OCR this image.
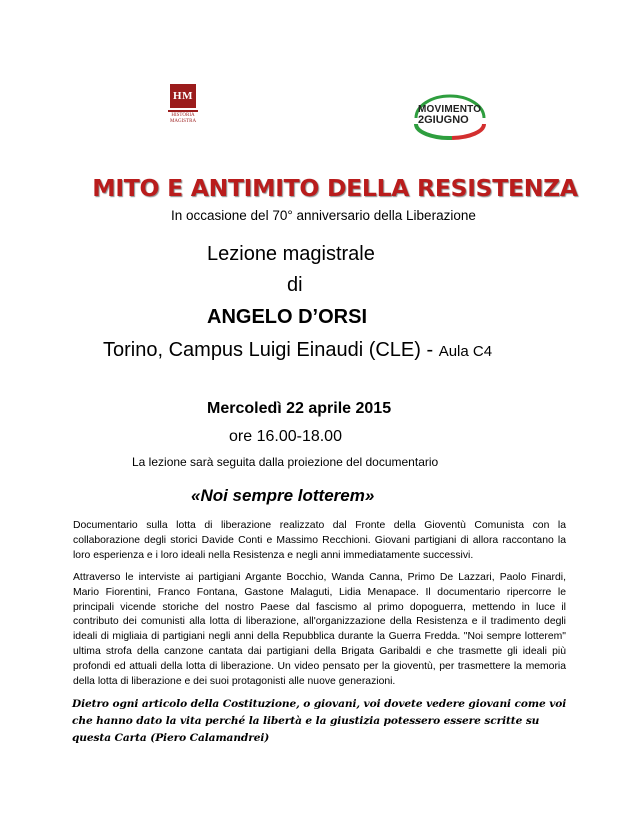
HM
HISTORIA MAGISTRA
MOVIMENTO
2GIUGNO
MITO E ANTIMITO DELLA RESISTENZA
In occasione del 70° anniversario della Liberazione
Lezione magistrale
di
ANGELO D’ORSI
Torino, Campus Luigi Einaudi (CLE) - Aula C4
Mercoledì 22 aprile 2015
ore 16.00-18.00
La lezione sarà seguita dalla proiezione del documentario
«Noi sempre lotterem»

Documentario sulla lotta di liberazione realizzato dal Fronte della Gioventù Comunista con la collaborazione degli storici Davide Conti e Massimo Recchioni. Giovani partigiani di allora raccontano la loro esperienza e i loro ideali nella Resistenza e negli anni immediatamente successivi.

Attraverso le interviste ai partigiani Argante Bocchio, Wanda Canna, Primo De Lazzari, Paolo Finardi, Mario Fiorentini, Franco Fontana, Gastone Malaguti, Lidia Menapace. Il documentario ripercorre le principali vicende storiche del nostro Paese dal fascismo al primo dopoguerra, mettendo in luce il contributo dei comunisti alla lotta di liberazione, all'organizzazione della Resistenza e il tradimento degli ideali di migliaia di partigiani negli anni della Repubblica durante la Guerra Fredda. "Noi sempre lotterem" ultima strofa della canzone cantata dai partigiani della Brigata Garibaldi e che trasmette gli ideali più profondi ed attuali della lotta di liberazione. Un video pensato per la gioventù, per trasmettere la memoria della lotta di liberazione e dei suoi protagonisti alle nuove generazioni.

Dietro ogni articolo della Costituzione, o giovani, voi dovete vedere giovani come voi che hanno dato la vita perché la libertà e la giustizia potessero essere scritte su questa Carta (Piero Calamandrei)
